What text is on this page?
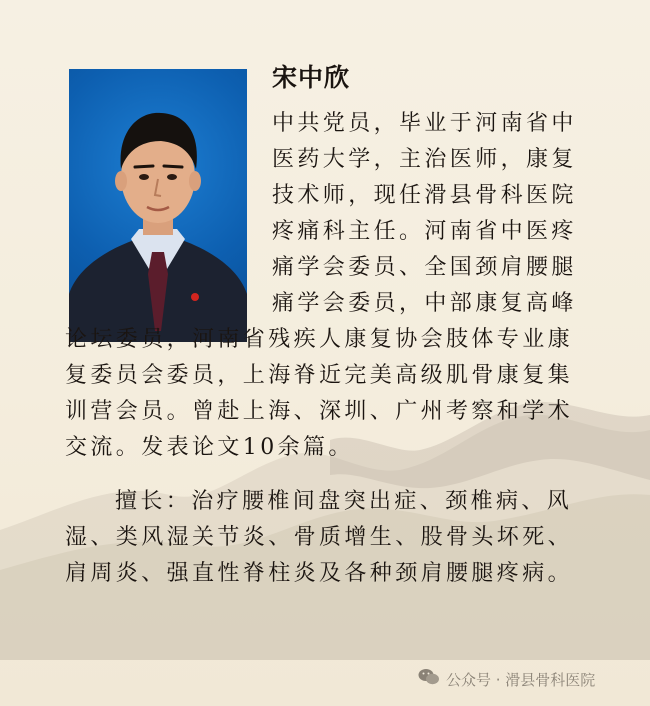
宋中欣
中共党员，毕业于河南省中
医药大学，主治医师，康复
技术师，现任滑县骨科医院
疼痛科主任。河南省中医疼
痛学会委员、全国颈肩腰腿
痛学会委员，中部康复高峰
论坛委员，河南省残疾人康复协会肢体专业康
复委员会委员，上海脊近完美高级肌骨康复集
训营会员。曾赴上海、深圳、广州考察和学术
交流。发表论文10余篇。
擅长：治疗腰椎间盘突出症、颈椎病、风
湿、类风湿关节炎、骨质增生、股骨头坏死、
肩周炎、强直性脊柱炎及各种颈肩腰腿疼病。
公众号 · 滑县骨科医院
